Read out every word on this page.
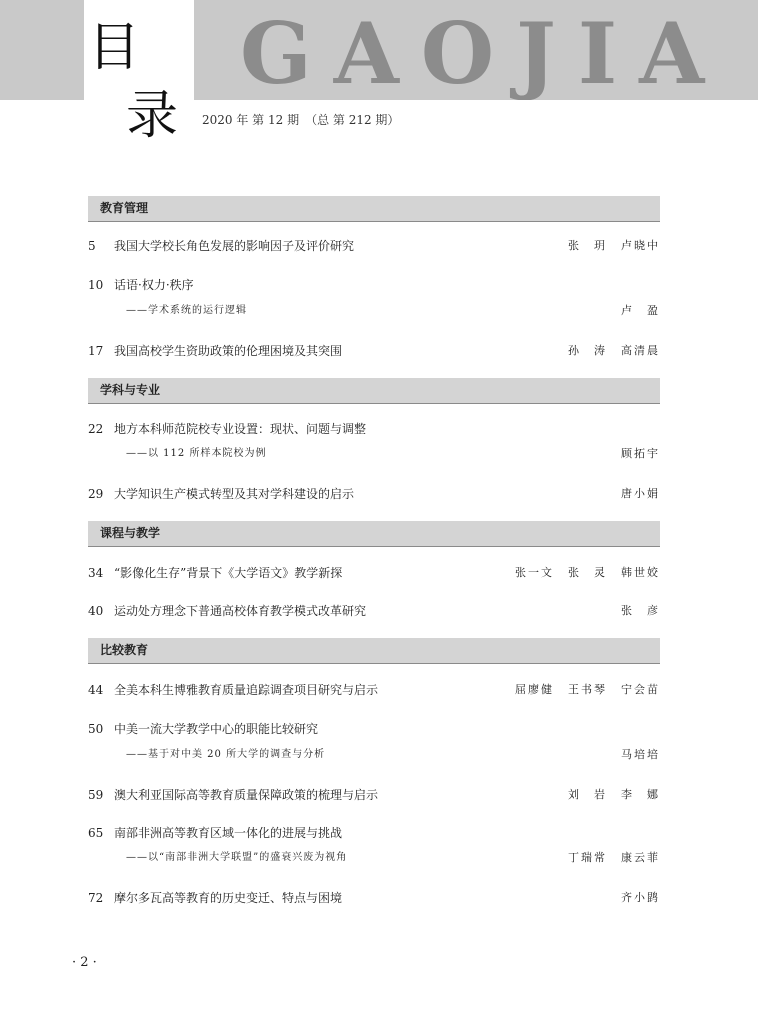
GAOJIA
目
录 2020 年 第 12 期　（总 第 212 期）
教育管理
5 我国大学校长角色发展的影响因子及评价研究	张　玥 卢晓中
10 话语·权力·秩序
——学术系统的运行逻辑	卢　盈
17 我国高校学生资助政策的伦理困境及其突围	孙　涛 高清晨
学科与专业
22 地方本科师范院校专业设置：现状、问题与调整
——以 112 所样本院校为例	顾拓宇
29 大学知识生产模式转型及其对学科建设的启示	唐小娟
课程与教学
34 “影像化生存”背景下《大学语文》教学新探	张一文 张　灵 韩世姣
40 运动处方理念下普通高校体育教学模式改革研究	张　彦
比较教育
44 全美本科生博雅教育质量追踪调查项目研究与启示	屈廖健 王书琴 宁会苗
50 中美一流大学教学中心的职能比较研究
——基于对中美 20 所大学的调查与分析	马培培
59 澳大利亚国际高等教育质量保障政策的梳理与启示	刘　岩 李　娜
65 南部非洲高等教育区域一体化的进展与挑战
——以“南部非洲大学联盟”的盛衰兴废为视角	丁瑞常 康云菲
72 摩尔多瓦高等教育的历史变迁、特点与困境	齐小鹍
· 2 ·
